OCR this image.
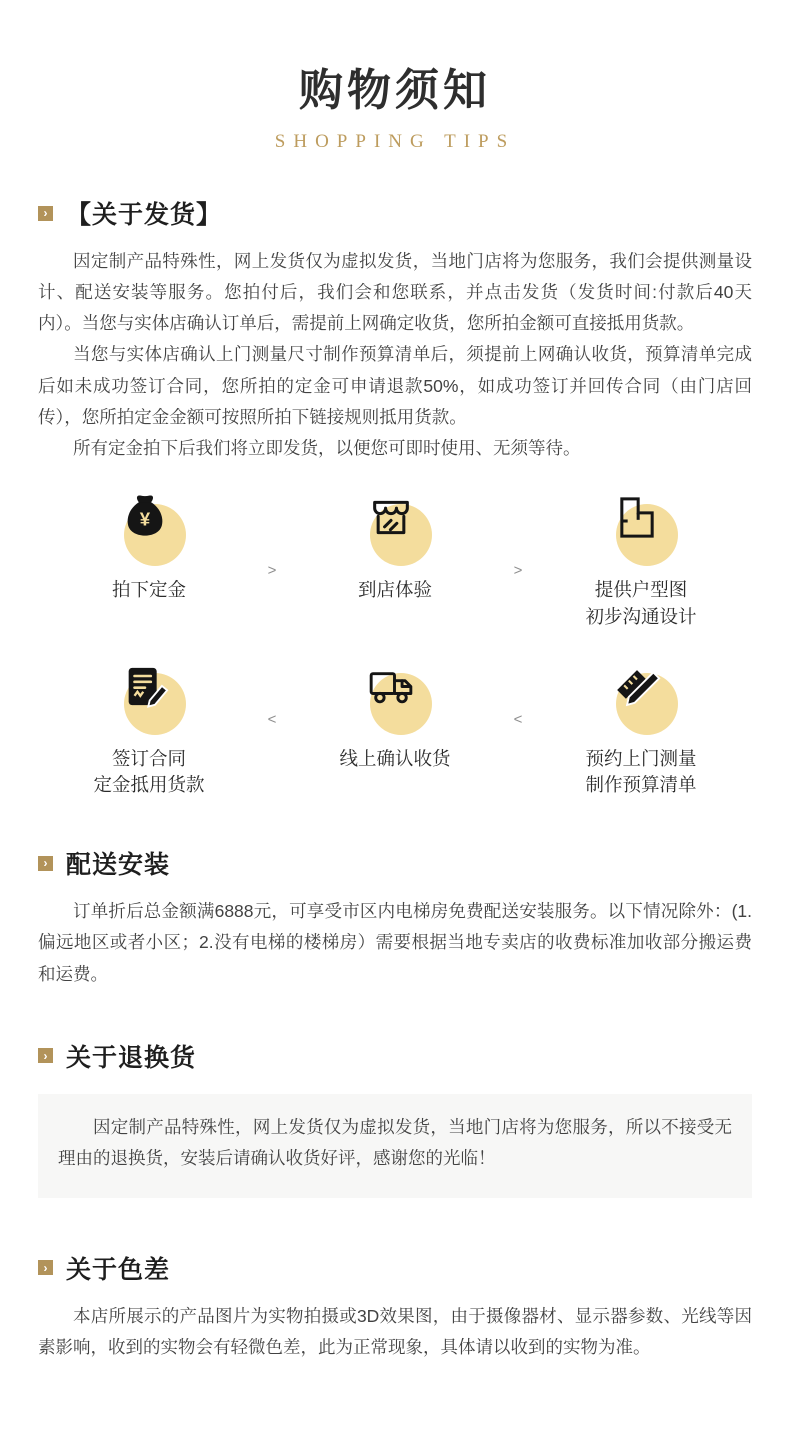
购物须知
SHOPPING TIPS
› 【关于发货】

因定制产品特殊性，网上发货仅为虚拟发货，当地门店将为您服务，我们会提供测量设计、配送安装等服务。您拍付后，我们会和您联系，并点击发货（发货时间:付款后40天内）。当您与实体店确认订单后，需提前上网确定收货，您所拍金额可直接抵用货款。

当您与实体店确认上门测量尺寸制作预算清单后，须提前上网确认收货，预算清单完成后如未成功签订合同，您所拍的定金可申请退款50%，如成功签订并回传合同（由门店回传），您所拍定金金额可按照所拍下链接规则抵用货款。

所有定金拍下后我们将立即发货，以便您可即时使用、无须等待。

¥
拍下定金
>
到店体验
>
提供户型图
初步沟通设计
签订合同
定金抵用货款
<
线上确认收货
<
预约上门测量
制作预算清单
› 配送安装

订单折后总金额满6888元，可享受市区内电梯房免费配送安装服务。以下情况除外：(1.偏远地区或者小区；2.没有电梯的楼梯房）需要根据当地专卖店的收费标准加收部分搬运费和运费。

› 关于退换货

因定制产品特殊性，网上发货仅为虚拟发货，当地门店将为您服务，所以不接受无理由的退换货，安装后请确认收货好评，感谢您的光临！

› 关于色差

本店所展示的产品图片为实物拍摄或3D效果图，由于摄像器材、显示器参数、光线等因素影响，收到的实物会有轻微色差，此为正常现象，具体请以收到的实物为准。
